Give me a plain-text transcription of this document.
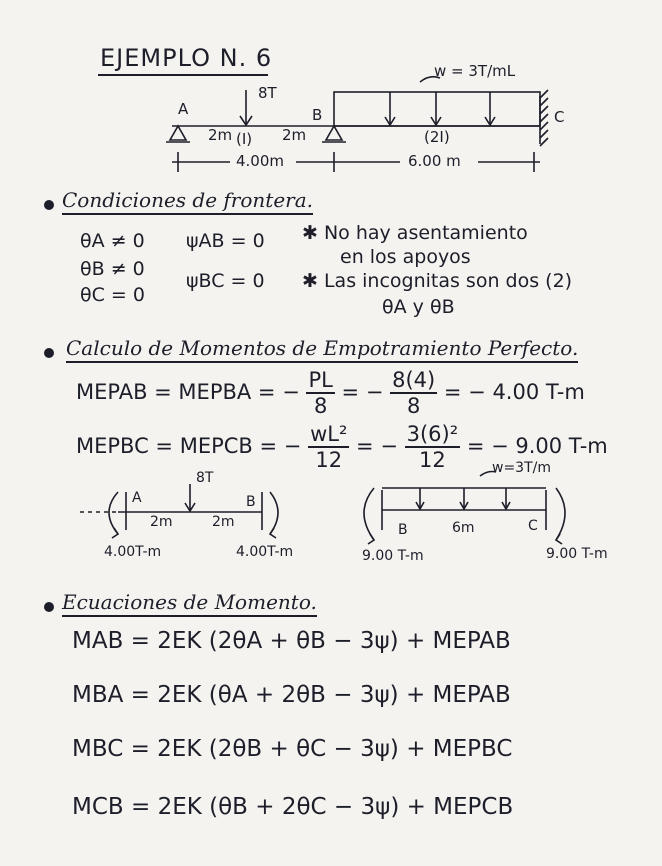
EJEMPLO N. 6	w = 3T/mL
8T
A	B	C
2m (I) 2m	(2I)
4.00m	6.00 m
Condiciones de frontera.
θA ≠ 0
θB ≠ 0
θC = 0
ψAB = 0
ψBC = 0
✱ No hay asentamiento
en los apoyos
✱ Las incognitas son dos (2)
θA y θB
Calculo de Momentos de Empotramiento Perfecto.
MEPAB = MEPBA = − $\frac{PL}{8}$ = − $\frac{8(4)}{8}$ = − 4.00 T-m
MEPBC = MEPCB = − $\frac{\text{wL²}}{12}$ = − $\frac{\text{3(6)²}}{12}$ = − 9.00 T-m
8T
A	B
2m	2m
4.00T-m	4.00T-m
w=3T/m
B	C
6m
9.00 T-m	9.00 T-m
Ecuaciones de Momento.
MAB = 2EK (2θA + θB − 3ψ) + MEPAB
MBA = 2EK (θA + 2θB − 3ψ) + MEPAB
MBC = 2EK (2θB + θC − 3ψ) + MEPBC
MCB = 2EK (θB + 2θC − 3ψ) + MEPCB
